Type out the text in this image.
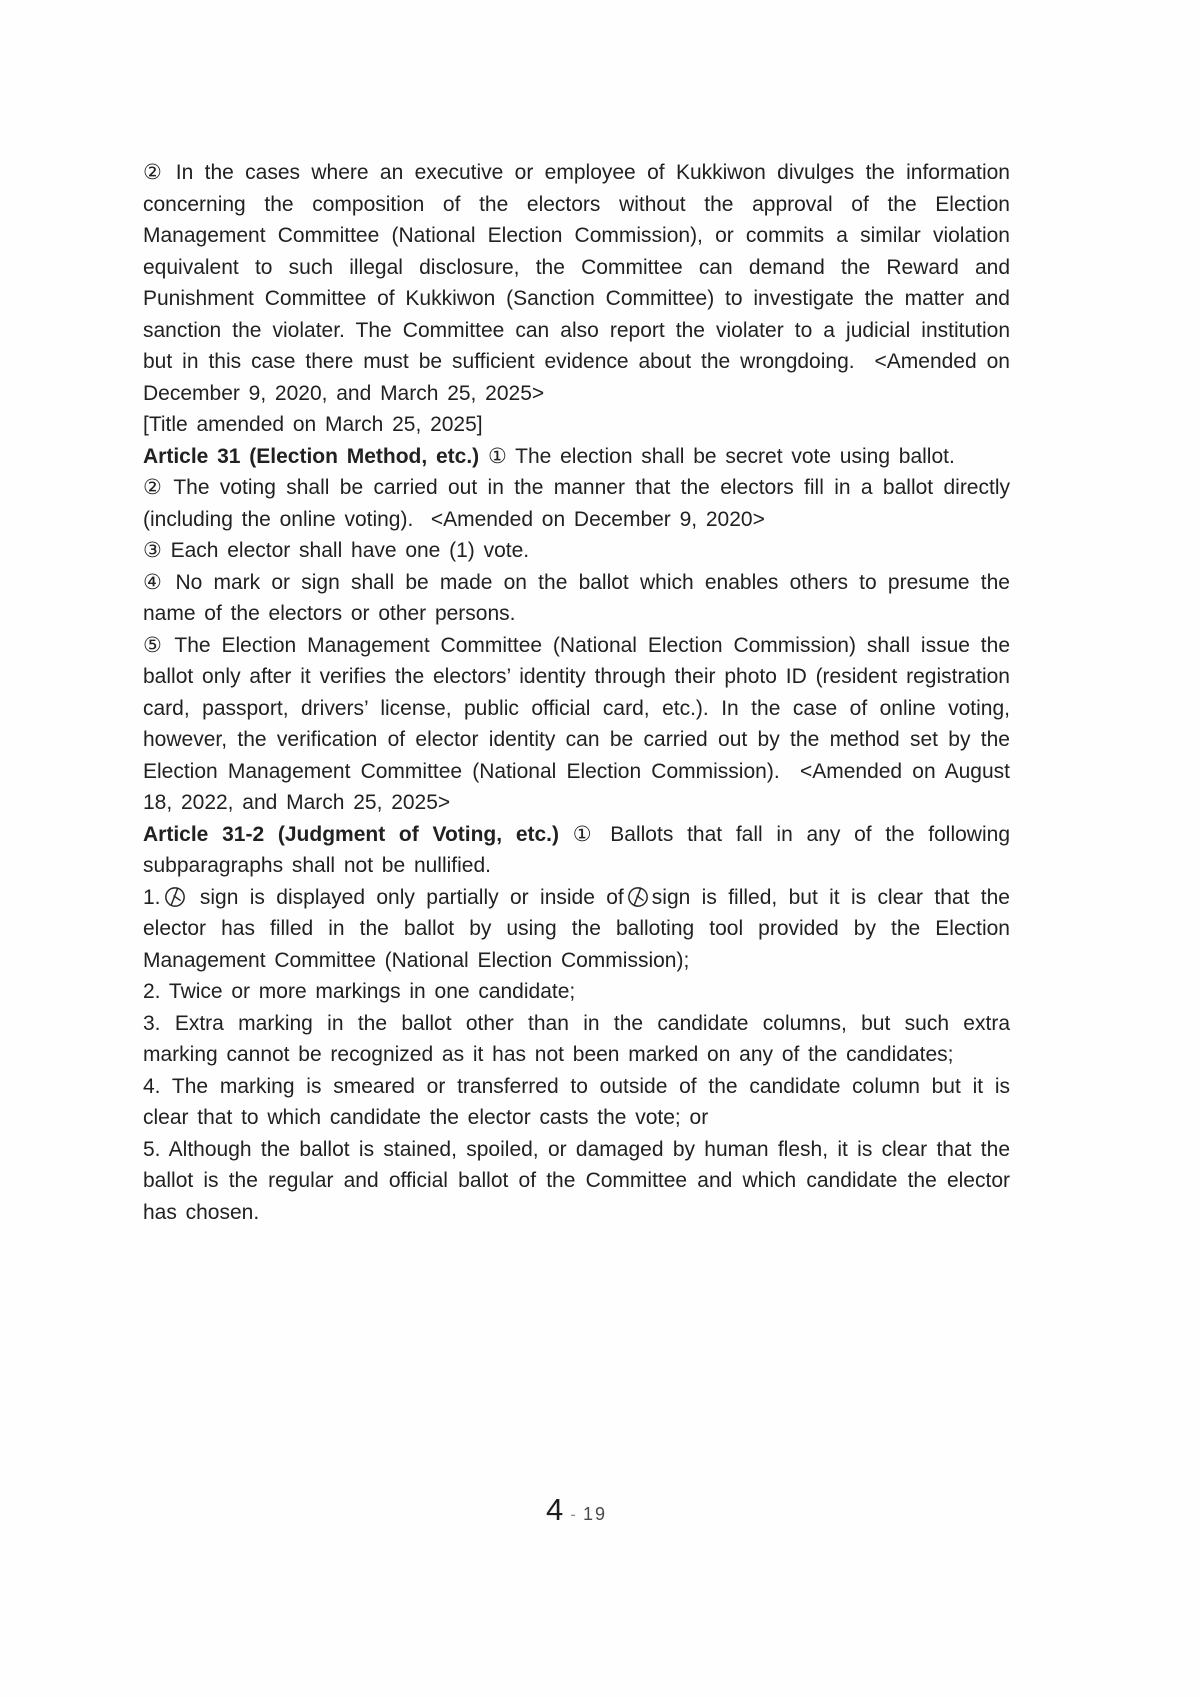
② In the cases where an executive or employee of Kukkiwon divulges the information concerning the composition of the electors without the approval of the Election Management Committee (National Election Commission), or commits a similar violation equivalent to such illegal disclosure, the Committee can demand the Reward and Punishment Committee of Kukkiwon (Sanction Committee) to investigate the matter and sanction the violater. The Committee can also report the violater to a judicial institution but in this case there must be sufficient evidence about the wrongdoing.  <Amended on December 9, 2020, and March 25, 2025>

[Title amended on March 25, 2025]

Article 31 (Election Method, etc.) ① The election shall be secret vote using ballot.

② The voting shall be carried out in the manner that the electors fill in a ballot directly (including the online voting).  <Amended on December 9, 2020>

③ Each elector shall have one (1) vote.

④ No mark or sign shall be made on the ballot which enables others to presume the name of the electors or other persons.

⑤ The Election Management Committee (National Election Commission) shall issue the ballot only after it verifies the electors’ identity through their photo ID (resident registration card, passport, drivers’ license, public official card, etc.). In the case of online voting, however, the verification of elector identity can be carried out by the method set by the Election Management Committee (National Election Commission).  <Amended on August 18, 2022, and March 25, 2025>

Article 31-2 (Judgment of Voting, etc.) ① Ballots that fall in any of the following subparagraphs shall not be nullified.

1. sign is displayed only partially or inside of sign is filled, but it is clear that the elector has filled in the ballot by using the balloting tool provided by the Election Management Committee (National Election Commission);

2. Twice or more markings in one candidate;

3. Extra marking in the ballot other than in the candidate columns, but such extra marking cannot be recognized as it has not been marked on any of the candidates;

4. The marking is smeared or transferred to outside of the candidate column but it is clear that to which candidate the elector casts the vote; or

5. Although the ballot is stained, spoiled, or damaged by human flesh, it is clear that the ballot is the regular and official ballot of the Committee and which candidate the elector has chosen.

4 - 19
